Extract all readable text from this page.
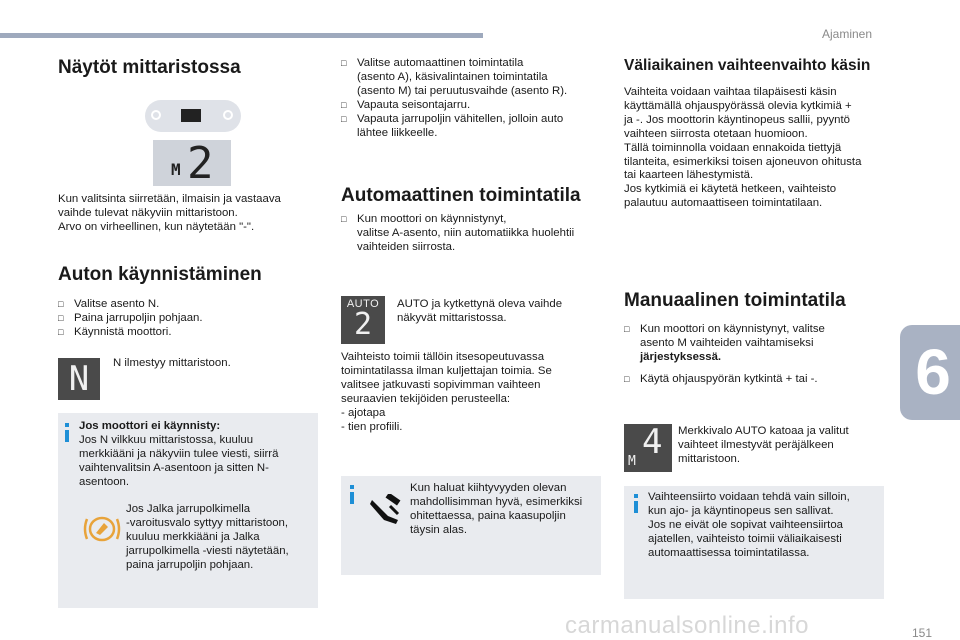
Ajaminen
6
151
carmanualsonline.info
Näytöt mittaristossa
M 2
Kun valitsinta siirretään, ilmaisin ja vastaava
vaihde tulevat näkyviin mittaristoon.
Arvo on virheellinen, kun näytetään "-".
Auton käynnistäminen
□ Valitse asento N.
□ Paina jarrupoljin pohjaan.
□ Käynnistä moottori.
N	N ilmestyy mittaristoon.
Jos moottori ei käynnisty:
Jos N vilkkuu mittaristossa, kuuluu
merkkiääni ja näkyviin tulee viesti, siirrä
vaihtenvalitsin A-asentoon ja sitten N-
asentoon.
Jos Jalka jarrupolkimella
-varoitusvalo syttyy mittaristoon,
kuuluu merkkiääni ja Jalka
jarrupolkimella -viesti näytetään,
paina jarrupoljin pohjaan.
□ Valitse automaattinen toimintatila
(asento A), käsivalintainen toimintatila
(asento M) tai peruutusvaihde (asento R).
□ Vapauta seisontajarru.
□ Vapauta jarrupoljin vähitellen, jolloin auto
lähtee liikkeelle.
Automaattinen toimintatila
□ Kun moottori on käynnistynyt,
valitse A-asento, niin automatiikka huolehtii
vaihteiden siirrosta.
AUTO
2
AUTO ja kytkettynä oleva vaihde
näkyvät mittaristossa.
Vaihteisto toimii tällöin itsesopeutuvassa
toimintatilassa ilman kuljettajan toimia. Se
valitsee jatkuvasti sopivimman vaihteen
seuraavien tekijöiden perusteella:
- ajotapa
- tien profiili.
Kun haluat kiihtyvyyden olevan
mahdollisimman hyvä, esimerkiksi
ohitettaessa, paina kaasupoljin
täysin alas.
Väliaikainen vaihteenvaihto käsin
Vaihteita voidaan vaihtaa tilapäisesti käsin
käyttämällä ohjauspyörässä olevia kytkimiä +
ja -. Jos moottorin käyntinopeus sallii, pyyntö
vaihteen siirrosta otetaan huomioon.
Tällä toiminnolla voidaan ennakoida tiettyjä
tilanteita, esimerkiksi toisen ajoneuvon ohitusta
tai kaarteen lähestymistä.
Jos kytkimiä ei käytetä hetkeen, vaihteisto
palautuu automaattiseen toimintatilaan.
Manuaalinen toimintatila
□ Kun moottori on käynnistynyt, valitse
asento M vaihteiden vaihtamiseksi
järjestyksessä.
□ Käytä ohjauspyörän kytkintä + tai -.
4
M
Merkkivalo AUTO katoaa ja valitut
vaihteet ilmestyvät peräjälkeen
mittaristoon.
Vaihteensiirto voidaan tehdä vain silloin,
kun ajo- ja käyntinopeus sen sallivat.
Jos ne eivät ole sopivat vaihteensiirtoa
ajatellen, vaihteisto toimii väliaikaisesti
automaattisessa toimintatilassa.
